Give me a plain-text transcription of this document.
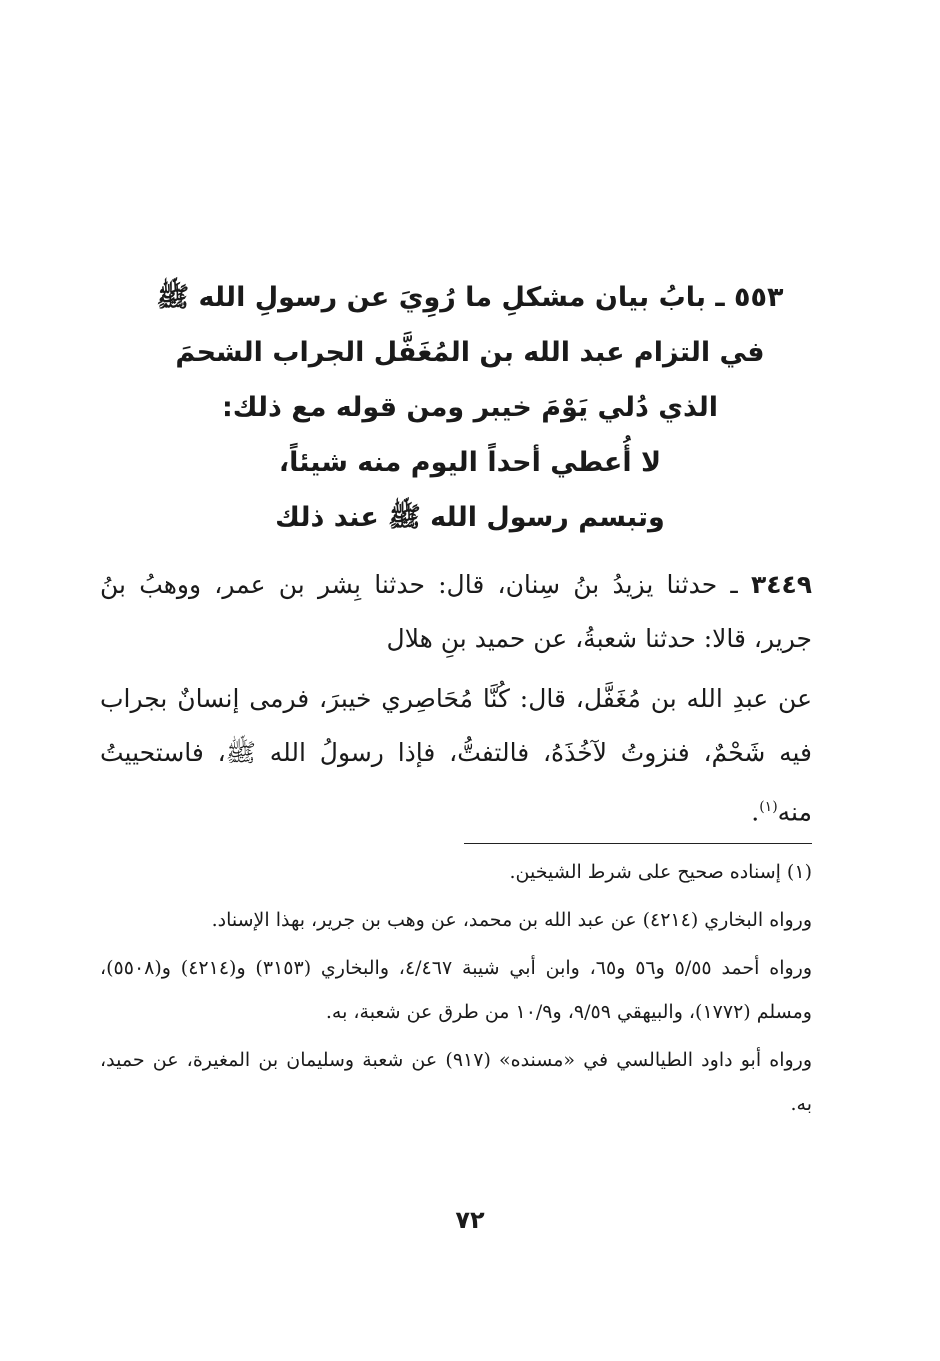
٥٥٣ ـ بابُ بيان مشكلِ ما رُوِيَ عن رسولِ الله ﷺ
في التزام عبد الله بن المُغَفَّل الجراب الشحمَ
الذي دُلي يَوْمَ خيبر ومن قوله مع ذلك:
لا أُعطي أحداً اليوم منه شيئاً،
وتبسم رسول الله ﷺ عند ذلك

٣٤٤٩ ـ حدثنا يزيدُ بنُ سِنان، قال: حدثنا بِشر بن عمر، ووهبُ بنُ جرير، قالا: حدثنا شعبةُ، عن حميد بنِ هلال

عن عبدِ الله بن مُغَفَّل، قال: كُنَّا مُحَاصِري خيبرَ، فرمى إنسانٌ بجراب فيه شَحْمٌ، فنزوتُ لآخُذَهُ، فالتفتُّ، فإذا رسولُ الله ﷺ، فاستحييتُ منه$^{(١)}$.

(١) إسناده صحيح على شرط الشيخين.

ورواه البخاري (٤٢١٤) عن عبد الله بن محمد، عن وهب بن جرير، بهذا الإسناد.

ورواه أحمد ٥/٥٥ و٥٦ و٦٥، وابن أبي شيبة ٤/٤٦٧، والبخاري (٣١٥٣) و(٤٢١٤) و(٥٥٠٨)، ومسلم (١٧٧٢)، والبيهقي ٩/٥٩، و١٠/٩ من طرق عن شعبة، به.

ورواه أبو داود الطيالسي في «مسنده» (٩١٧) عن شعبة وسليمان بن المغيرة، عن حميد، به.

٧٢
